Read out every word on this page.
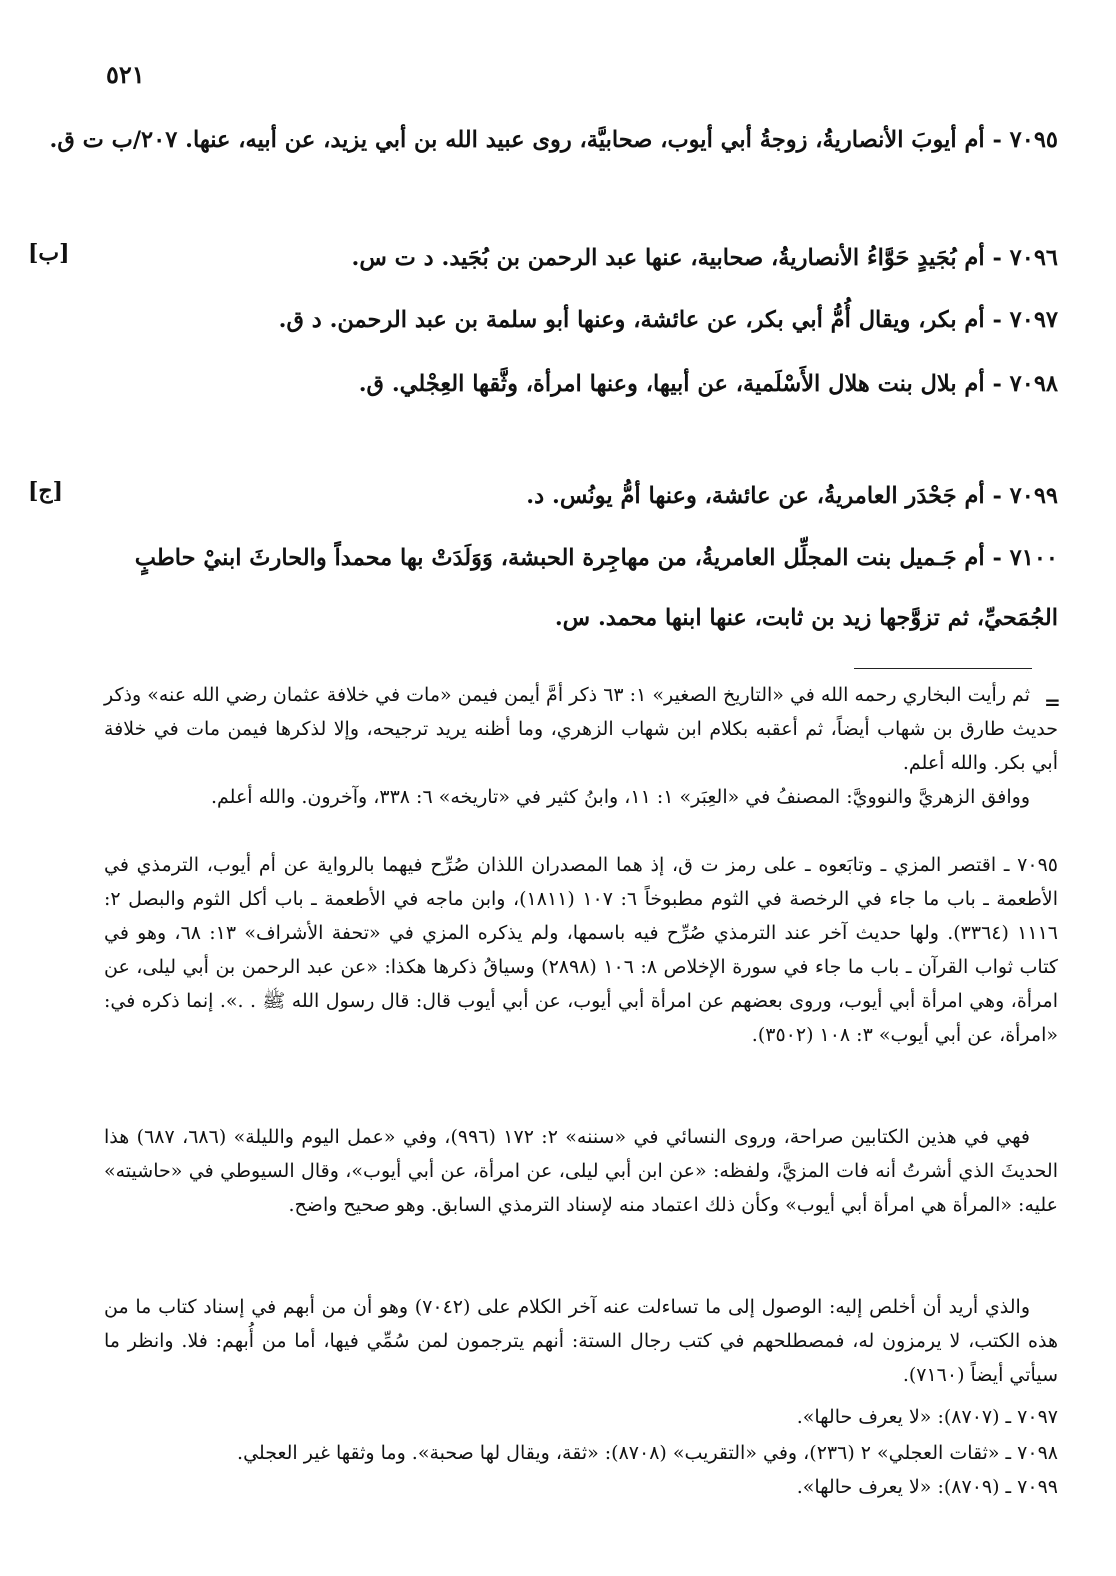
٥٢١
٧٠٩٥ - أم أيوبَ الأنصاريةُ، زوجةُ أبي أيوب، صحابيَّة، روى عبيد الله بن أبي يزيد، عن أبيه، عنها. ٢٠٧/ب ت ق.
[ب]	٧٠٩٦ - أم بُجَيدٍ حَوَّاءُ الأنصاريةُ، صحابية، عنها عبد الرحمن بن بُجَيد. د ت س.
٧٠٩٧ - أم بكر، ويقال أُمُّ أبي بكر، عن عائشة، وعنها أبو سلمة بن عبد الرحمن. د ق.
٧٠٩٨ - أم بلال بنت هلال الأَسْلَمية، عن أبيها، وعنها امرأة، وثَّقها العِجْلي. ق.
[ج]	٧٠٩٩ - أم جَحْدَر العامريةُ، عن عائشة، وعنها أمُّ يونُس. د.
٧١٠٠ - أم جَـميل بنت المجلِّل العامريةُ، من مهاجِرة الحبشة، وَوَلَدَتْ بها محمداً والحارثَ ابنيْ حاطبٍ الجُمَحيِّ، ثم تزوَّجها زيد بن ثابت، عنها ابنها محمد. س.
=
ثم رأيت البخاري رحمه الله في «التاريخ الصغير» ١: ٦٣ ذكر أمَّ أيمن فيمن «مات في خلافة عثمان رضي الله عنه» وذكر حديث طارق بن شهاب أيضاً، ثم أعقبه بكلام ابن شهاب الزهري، وما أظنه يريد ترجيحه، وإلا لذكرها فيمن مات في خلافة أبي بكر. والله أعلم.
ووافق الزهريَّ والنوويَّ: المصنفُ في «العِبَر» ١: ١١، وابنُ كثير في «تاريخه» ٦: ٣٣٨، وآخرون. والله أعلم.
٧٠٩٥ ـ اقتصر المزي ـ وتابَعوه ـ على رمز ت ق، إذ هما المصدران اللذان صُرِّح فيهما بالرواية عن أم أيوب، الترمذي في الأطعمة ـ باب ما جاء في الرخصة في الثوم مطبوخاً ٦: ١٠٧ (١٨١١)، وابن ماجه في الأطعمة ـ باب أكل الثوم والبصل ٢: ١١١٦ (٣٣٦٤). ولها حديث آخر عند الترمذي صُرِّح فيه باسمها، ولم يذكره المزي في «تحفة الأشراف» ١٣: ٦٨، وهو في كتاب ثواب القرآن ـ باب ما جاء في سورة الإخلاص ٨: ١٠٦ (٢٨٩٨) وسياقُ ذكرها هكذا: «عن عبد الرحمن بن أبي ليلى، عن امرأة، وهي امرأة أبي أيوب، وروى بعضهم عن امرأة أبي أيوب، عن أبي أيوب قال: قال رسول الله ﷺ . .». إنما ذكره في: «امرأة، عن أبي أيوب» ٣: ١٠٨ (٣٥٠٢).
فهي في هذين الكتابين صراحة، وروى النسائي في «سننه» ٢: ١٧٢ (٩٩٦)، وفي «عمل اليوم والليلة» (٦٨٦، ٦٨٧) هذا الحديثَ الذي أشرتُ أنه فات المزيَّ، ولفظه: «عن ابن أبي ليلى، عن امرأة، عن أبي أيوب»، وقال السيوطي في «حاشيته» عليه: «المرأة هي امرأة أبي أيوب» وكأن ذلك اعتماد منه لإسناد الترمذي السابق. وهو صحيح واضح.
والذي أريد أن أخلص إليه: الوصول إلى ما تساءلت عنه آخر الكلام على (٧٠٤٢) وهو أن من أبهم في إسناد كتاب ما من هذه الكتب، لا يرمزون له، فمصطلحهم في كتب رجال الستة: أنهم يترجمون لمن سُمِّي فيها، أما من أُبهم: فلا. وانظر ما سيأتي أيضاً (٧١٦٠).
٧٠٩٧ ـ (٨٧٠٧): «لا يعرف حالها».
٧٠٩٨ ـ «ثقات العجلي» ٢ (٢٣٦)، وفي «التقريب» (٨٧٠٨): «ثقة، ويقال لها صحبة». وما وثقها غير العجلي.
٧٠٩٩ ـ (٨٧٠٩): «لا يعرف حالها».
